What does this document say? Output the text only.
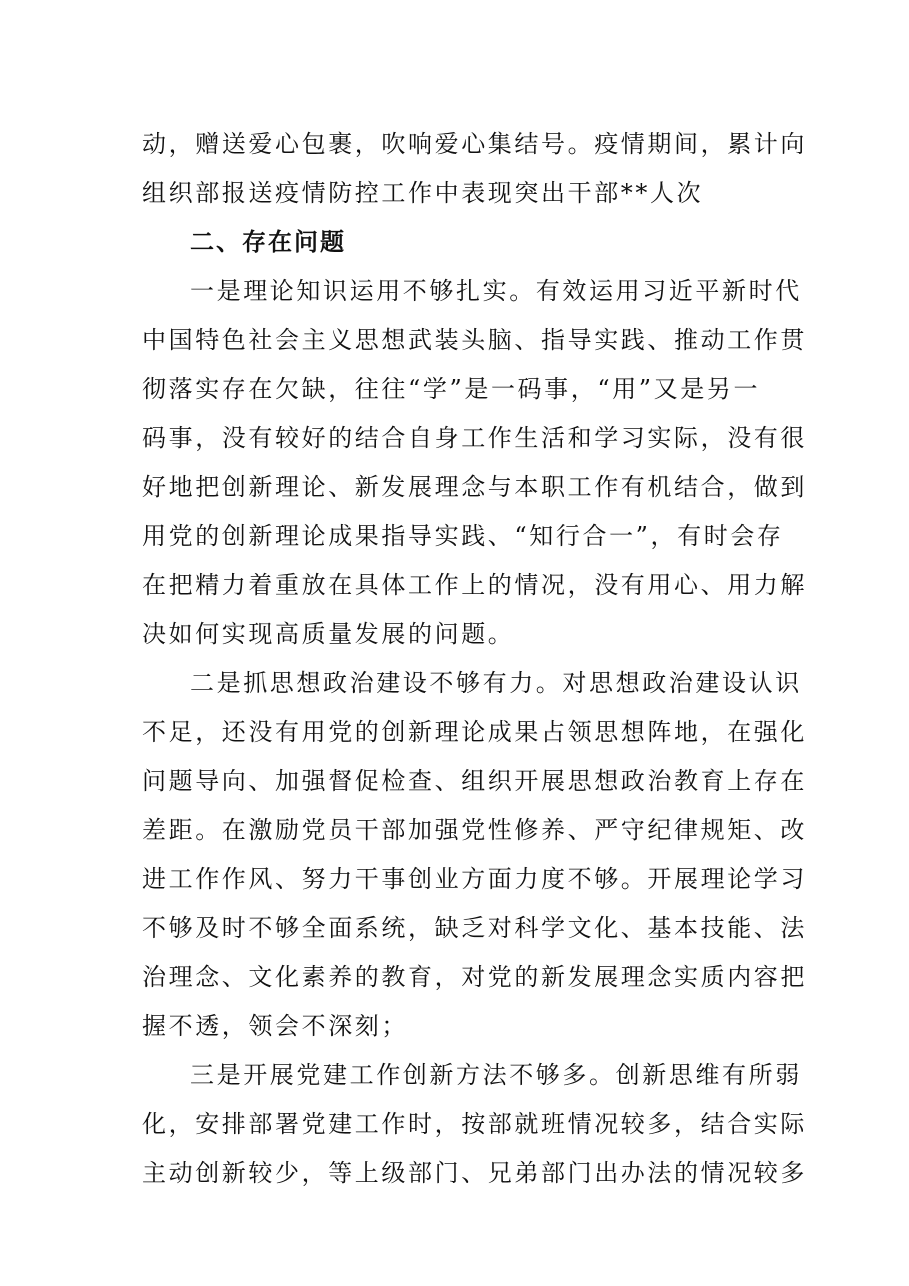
动，赠送爱心包裹，吹响爱心集结号。疫情期间，累计向
组织部报送疫情防控工作中表现突出干部**人次
二、存在问题
一是理论知识运用不够扎实。有效运用习近平新时代
中国特色社会主义思想武装头脑、指导实践、推动工作贯
彻落实存在欠缺，往往“学”是一码事，“用”又是另一
码事，没有较好的结合自身工作生活和学习实际，没有很
好地把创新理论、新发展理念与本职工作有机结合，做到
用党的创新理论成果指导实践、“知行合一”，有时会存
在把精力着重放在具体工作上的情况，没有用心、用力解
决如何实现高质量发展的问题。
二是抓思想政治建设不够有力。对思想政治建设认识
不足，还没有用党的创新理论成果占领思想阵地，在强化
问题导向、加强督促检查、组织开展思想政治教育上存在
差距。在激励党员干部加强党性修养、严守纪律规矩、改
进工作作风、努力干事创业方面力度不够。开展理论学习
不够及时不够全面系统，缺乏对科学文化、基本技能、法
治理念、文化素养的教育，对党的新发展理念实质内容把
握不透，领会不深刻；
三是开展党建工作创新方法不够多。创新思维有所弱
化，安排部署党建工作时，按部就班情况较多，结合实际
主动创新较少，等上级部门、兄弟部门出办法的情况较多
